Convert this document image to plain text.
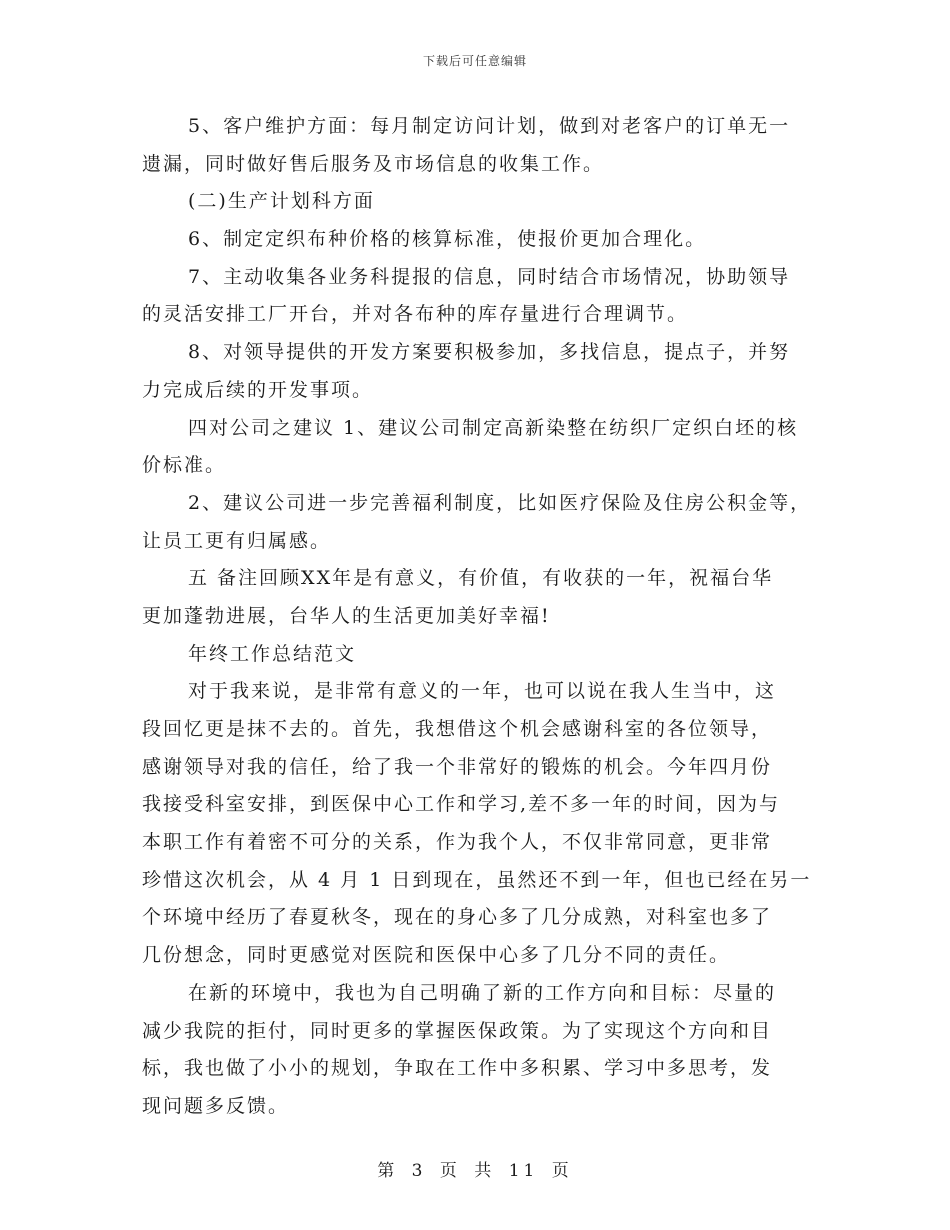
下载后可任意编辑
5、客户维护方面：每月制定访问计划，做到对老客户的订单无一
遗漏，同时做好售后服务及市场信息的收集工作。
(二)生产计划科方面
6、制定定织布种价格的核算标准，使报价更加合理化。
7、主动收集各业务科提报的信息，同时结合市场情况，协助领导
的灵活安排工厂开台，并对各布种的库存量进行合理调节。
8、对领导提供的开发方案要积极参加，多找信息，提点子，并努
力完成后续的开发事项。
四对公司之建议 1、建议公司制定高新染整在纺织厂定织白坯的核
价标准。
2、建议公司进一步完善福利制度，比如医疗保险及住房公积金等，
让员工更有归属感。
五 备注回顾XX年是有意义，有价值，有收获的一年，祝福台华
更加蓬勃进展，台华人的生活更加美好幸福!
年终工作总结范文
对于我来说，是非常有意义的一年，也可以说在我人生当中，这
段回忆更是抹不去的。首先，我想借这个机会感谢科室的各位领导，
感谢领导对我的信任，给了我一个非常好的锻炼的机会。今年四月份
我接受科室安排，到医保中心工作和学习,差不多一年的时间，因为与
本职工作有着密不可分的关系，作为我个人，不仅非常同意，更非常
珍惜这次机会，从 4 月 1 日到现在，虽然还不到一年，但也已经在另一
个环境中经历了春夏秋冬，现在的身心多了几分成熟，对科室也多了
几份想念，同时更感觉对医院和医保中心多了几分不同的责任。
在新的环境中，我也为自己明确了新的工作方向和目标：尽量的
减少我院的拒付，同时更多的掌握医保政策。为了实现这个方向和目
标，我也做了小小的规划，争取在工作中多积累、学习中多思考，发
现问题多反馈。
第 3 页 共 11 页
